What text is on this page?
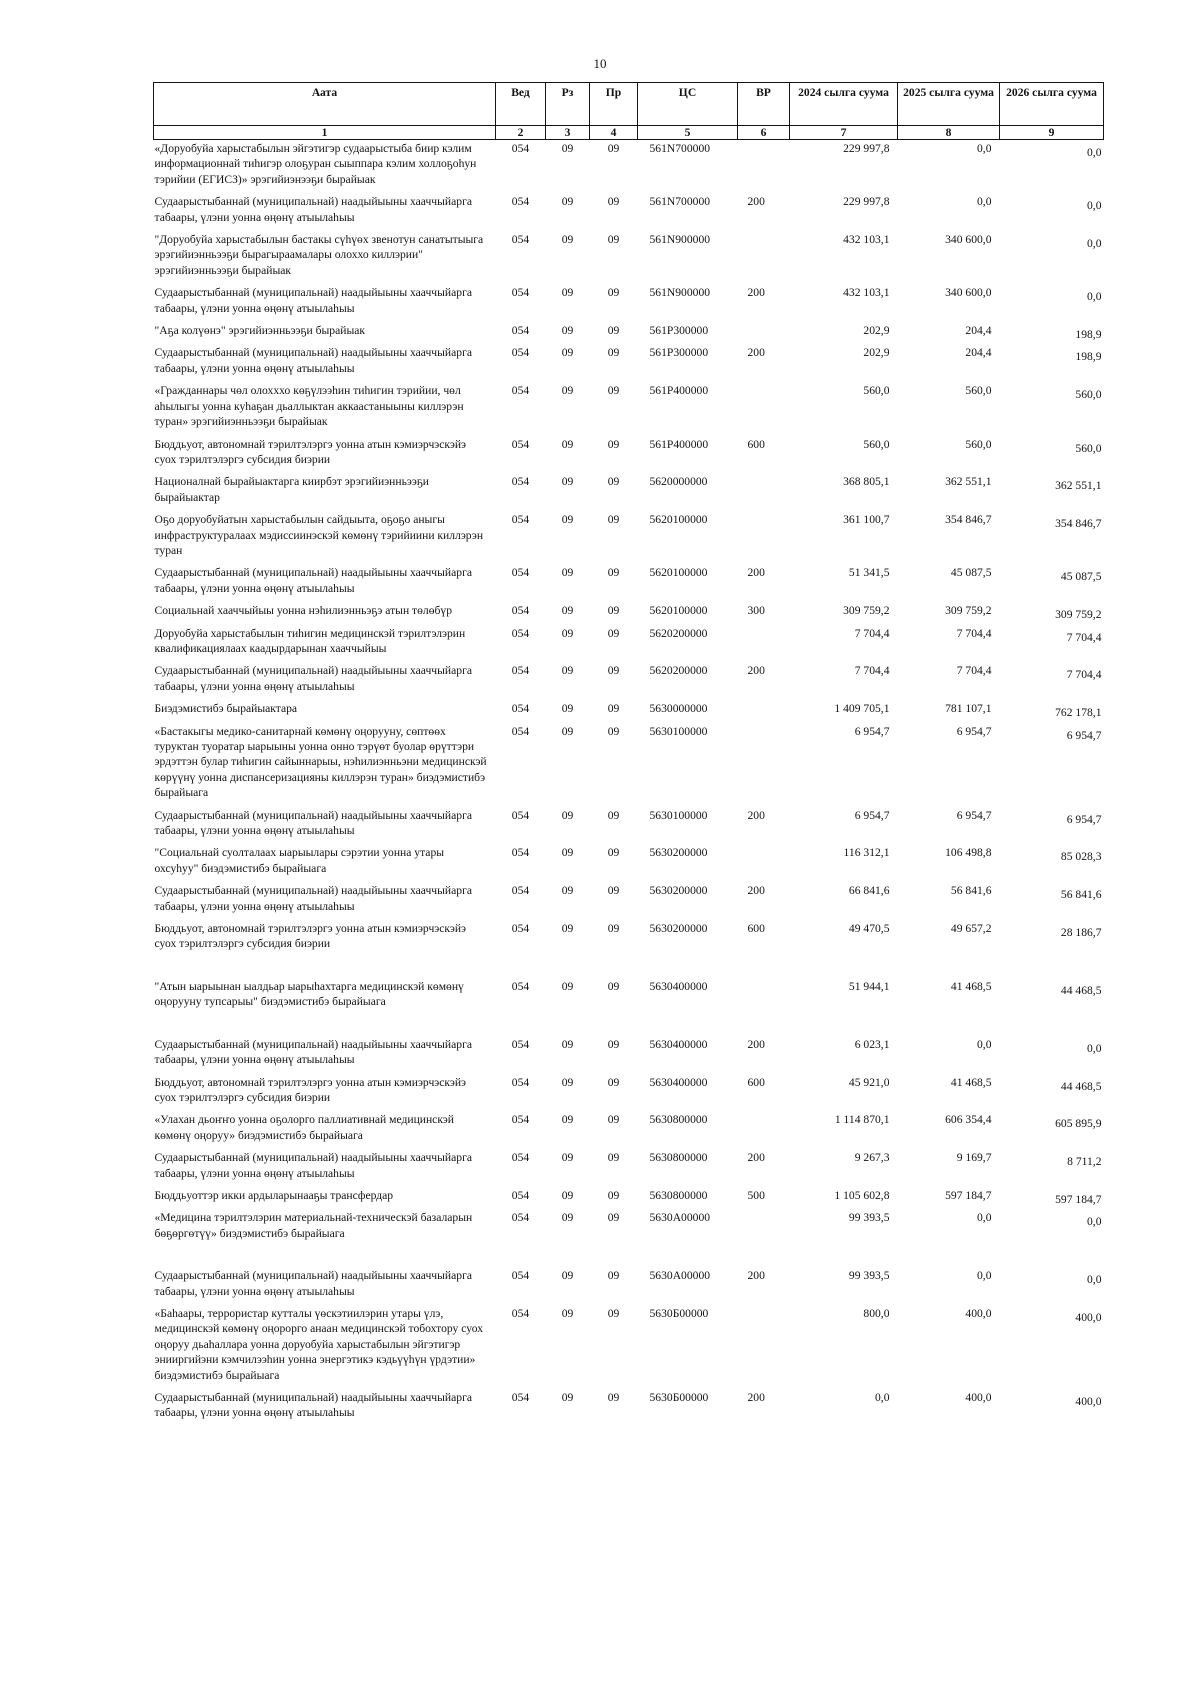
10
Аата	Вед	Рз	Пр	ЦС	ВР	2024 сылга суума	2025 сылга суума	2026 сылга суума
1	2	3	4	5	6	7	8	9
«Доруобуйа харыстабылын эйгэтигэр судаарыстыба биир кэлим информационнай тиһигэр олоҕуран сыыппара кэлим холлоҕоһун тэрийии (ЕГИСЗ)» эрэгийиэнээҕи бырайыак	054	09	09	561N700000		229 997,8	0,0	0,0
Судаарыстыбаннай (муниципальнай) наадыйыыны хааччыйарга табаары, үлэни уонна өңөнү атыылаһыы	054	09	09	561N700000	200	229 997,8	0,0	0,0
"Доруобуйа харыстабылын бастакы сүһүөх звенотун санатытыыга эрэгийиэнньээҕи бырагыраамалары олоххо киллэрии" эрэгийиэнньээҕи бырайыак	054	09	09	561N900000		432 103,1	340 600,0	0,0
Судаарыстыбаннай (муниципальнай) наадыйыыны хааччыйарга табаары, үлэни уонна өңөнү атыылаһыы	054	09	09	561N900000	200	432 103,1	340 600,0	0,0
"Аҕа колүөнэ" эрэгийиэнньээҕи бырайыак	054	09	09	561P300000		202,9	204,4	198,9
Судаарыстыбаннай (муниципальнай) наадыйыыны хааччыйарга табаары, үлэни уонна өңөнү атыылаһыы	054	09	09	561P300000	200	202,9	204,4	198,9
«Гражданнары чөл олохххо көҕүлээһин тиһигин тэрийии, чөл аһылыгы уонна куһаҕан дьаллыктан аккаастаныыны киллэрэн туран» эрэгийиэнньээҕи бырайыак	054	09	09	561P400000		560,0	560,0	560,0
Бюддьуот, автономнай тэрилтэлэргэ уонна атын кэмиэрчэскэйэ суох тэрилтэлэргэ субсидия биэрии	054	09	09	561P400000	600	560,0	560,0	560,0
Националнай бырайыактарга киирбэт эрэгийиэнньээҕи бырайыактар	054	09	09	5620000000		368 805,1	362 551,1	362 551,1
Оҕо доруобуйатын харыстабылын сайдыыта, оҕоҕо аныгы инфраструктуралаах мэдиссиинэскэй көмөнү тэрийиини киллэрэн туран	054	09	09	5620100000		361 100,7	354 846,7	354 846,7
Судаарыстыбаннай (муниципальнай) наадыйыыны хааччыйарга табаары, үлэни уонна өңөнү атыылаһыы	054	09	09	5620100000	200	51 341,5	45 087,5	45 087,5
Социальнай хааччыйыы уонна нэһилиэнньэҕэ атын төлөбүр	054	09	09	5620100000	300	309 759,2	309 759,2	309 759,2
Доруобуйа харыстабылын тиһигин медицинскэй тэрилтэлэрин квалификациялаах каадырдарынан хааччыйыы	054	09	09	5620200000		7 704,4	7 704,4	7 704,4
Судаарыстыбаннай (муниципальнай) наадыйыыны хааччыйарга табаары, үлэни уонна өңөнү атыылаһыы	054	09	09	5620200000	200	7 704,4	7 704,4	7 704,4
Биэдэмистибэ бырайыактара	054	09	09	5630000000		1 409 705,1	781 107,1	762 178,1
«Бастакыгы медико-санитарнай көмөнү оңорууну, сөптөөх туруктан туоратар ыарыыны уонна онно тэрүөт буолар өрүттэри эрдэттэн булар тиһигин сайыннарыы, нэһилиэнньэни медицинскэй көрүүнү уонна диспансеризацияны киллэрэн туран» биэдэмистибэ бырайыага	054	09	09	5630100000		6 954,7	6 954,7	6 954,7
Судаарыстыбаннай (муниципальнай) наадыйыыны хааччыйарга табаары, үлэни уонна өңөнү атыылаһыы	054	09	09	5630100000	200	6 954,7	6 954,7	6 954,7
"Социальнай суолталаах ыарыылары сэрэтии уонна утары охсуһуу" биэдэмистибэ бырайыага	054	09	09	5630200000		116 312,1	106 498,8	85 028,3
Судаарыстыбаннай (муниципальнай) наадыйыыны хааччыйарга табаары, үлэни уонна өңөнү атыылаһыы	054	09	09	5630200000	200	66 841,6	56 841,6	56 841,6
Бюддьуот, автономнай тэрилтэлэргэ уонна атын кэмиэрчэскэйэ суох тэрилтэлэргэ субсидия биэрии	054	09	09	5630200000	600	49 470,5	49 657,2	28 186,7
"Атын ыарыынан ыалдьар ыарыһахтарга медицинскэй көмөнү оңорууну тупсарыы" биэдэмистибэ бырайыага	054	09	09	5630400000		51 944,1	41 468,5	44 468,5
Судаарыстыбаннай (муниципальнай) наадыйыыны хааччыйарга табаары, үлэни уонна өңөнү атыылаһыы	054	09	09	5630400000	200	6 023,1	0,0	0,0
Бюддьуот, автономнай тэрилтэлэргэ уонна атын кэмиэрчэскэйэ суох тэрилтэлэргэ субсидия биэрии	054	09	09	5630400000	600	45 921,0	41 468,5	44 468,5
«Улахан дьоҥҥо уонна оҕолорго паллиативнай медицинскэй көмөнү оңоруу» биэдэмистибэ бырайыага	054	09	09	5630800000		1 114 870,1	606 354,4	605 895,9
Судаарыстыбаннай (муниципальнай) наадыйыыны хааччыйарга табаары, үлэни уонна өңөнү атыылаһыы	054	09	09	5630800000	200	9 267,3	9 169,7	8 711,2
Бюддьуоттэр икки ардыларынааҕы трансфердар	054	09	09	5630800000	500	1 105 602,8	597 184,7	597 184,7
«Медицина тэрилтэлэрин материальнай-техническэй базаларын бөҕөргөтүү» биэдэмистибэ бырайыага	054	09	09	5630A00000		99 393,5	0,0	0,0
Судаарыстыбаннай (муниципальнай) наадыйыыны хааччыйарга табаары, үлэни уонна өңөнү атыылаһыы	054	09	09	5630A00000	200	99 393,5	0,0	0,0
«Баһаары, террористар кутталы үөскэтиилэрин утары үлэ, медицинскэй көмөнү оңорорго анаан медицинскэй тобохтору суох оңоруу дьаһаллара уонна доруобуйа харыстабылын эйгэтигэр энииргийэни кэмчилээһин уонна энергэтикэ кэдьүүһүн үрдэтии» биэдэмистибэ бырайыага	054	09	09	5630Б00000		800,0	400,0	400,0
Судаарыстыбаннай (муниципальнай) наадыйыыны хааччыйарга табаары, үлэни уонна өңөнү атыылаһыы	054	09	09	5630Б00000	200	0,0	400,0	400,0
